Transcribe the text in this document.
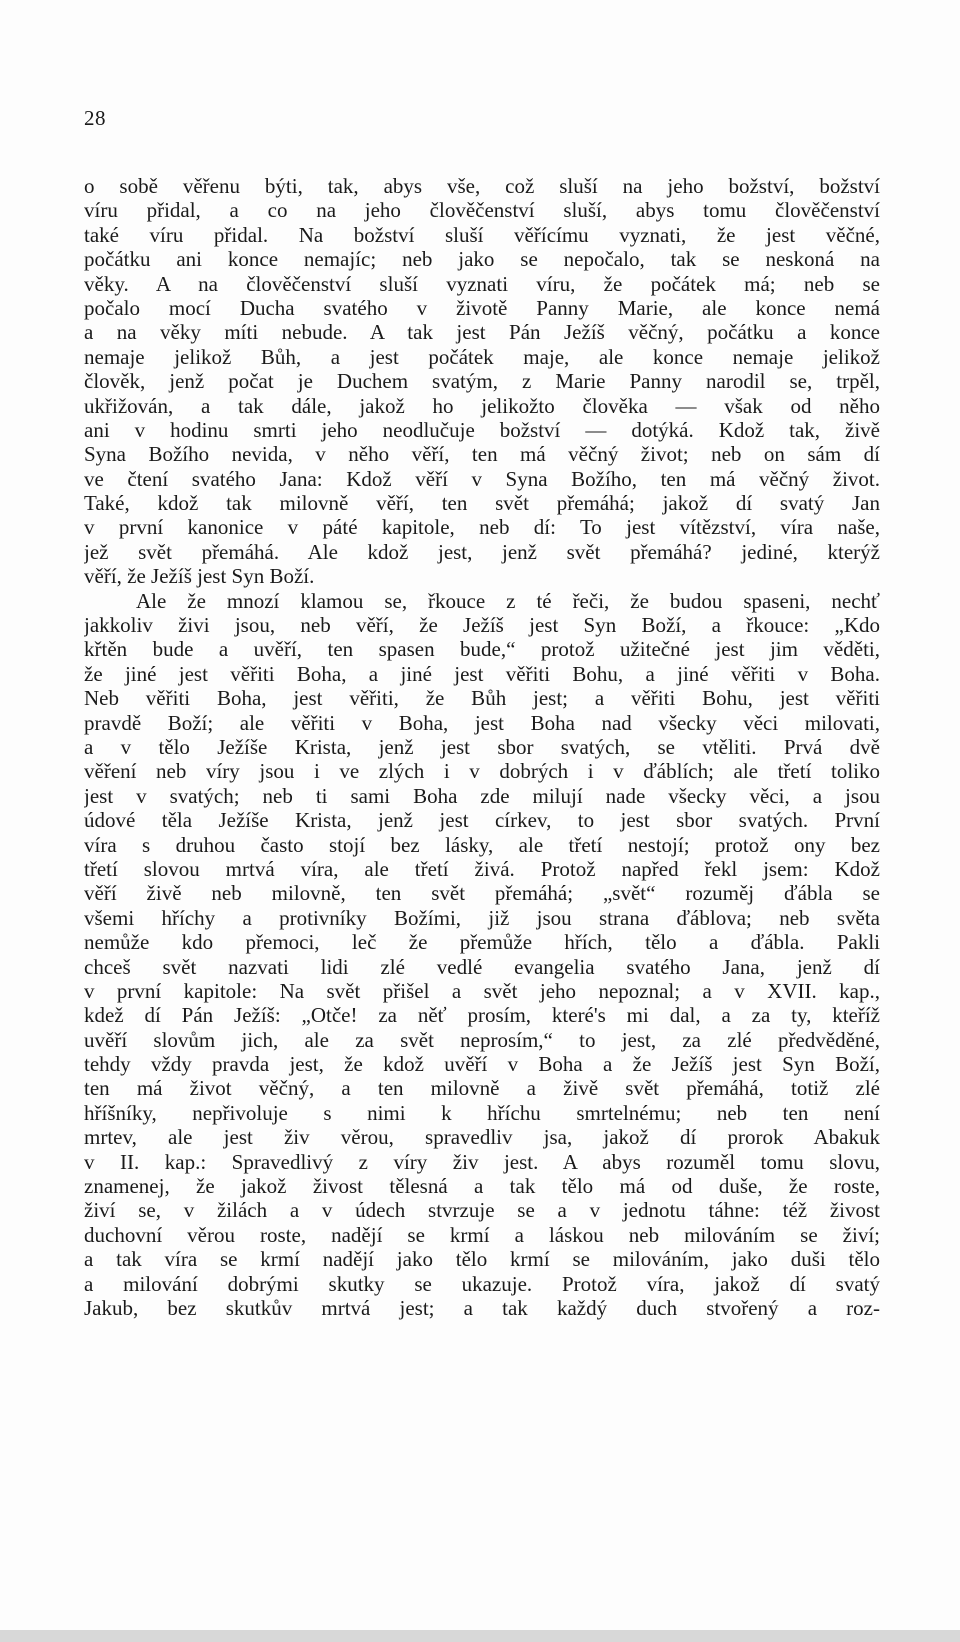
28
o sobě věřenu býti, tak, abys vše, což sluší na jeho božství, božství
víru přidal, a co na jeho člověčenství sluší, abys tomu člověčenství
také víru přidal. Na božství sluší věřícímu vyznati, že jest věčné,
počátku ani konce nemajíc; neb jako se nepočalo, tak se neskoná na
věky. A na člověčenství sluší vyznati víru, že počátek má; neb se
počalo mocí Ducha svatého v životě Panny Marie, ale konce nemá
a na věky míti nebude. A tak jest Pán Ježíš věčný, počátku a konce
nemaje jelikož Bůh, a jest počátek maje, ale konce nemaje jelikož
člověk, jenž počat je Duchem svatým, z Marie Panny narodil se, trpěl,
ukřižován, a tak dále, jakož ho jelikožto člověka — však od něho
ani v hodinu smrti jeho neodlučuje božství — dotýká. Kdož tak, živě
Syna Božího nevida, v něho věří, ten má věčný život; neb on sám dí
ve čtení svatého Jana: Kdož věří v Syna Božího, ten má věčný život.
Také, kdož tak milovně věří, ten svět přemáhá; jakož dí svatý Jan
v první kanonice v páté kapitole, neb dí: To jest vítězství, víra naše,
jež svět přemáhá. Ale kdož jest, jenž svět přemáhá? jediné, kterýž
věří, že Ježíš jest Syn Boží.
Ale že mnozí klamou se, řkouce z té řeči, že budou spaseni, nechť
jakkoliv živi jsou, neb věří, že Ježíš jest Syn Boží, a řkouce: „Kdo
křtěn bude a uvěří, ten spasen bude,“ protož užitečné jest jim věděti,
že jiné jest věřiti Boha, a jiné jest věřiti Bohu, a jiné věřiti v Boha.
Neb věřiti Boha, jest věřiti, že Bůh jest; a věřiti Bohu, jest věřiti
pravdě Boží; ale věřiti v Boha, jest Boha nad všecky věci milovati,
a v tělo Ježíše Krista, jenž jest sbor svatých, se vtěliti. Prvá dvě
věření neb víry jsou i ve zlých i v dobrých i v ďáblích; ale třetí toliko
jest v svatých; neb ti sami Boha zde milují nade všecky věci, a jsou
údové těla Ježíše Krista, jenž jest církev, to jest sbor svatých. První
víra s druhou často stojí bez lásky, ale třetí nestojí; protož ony bez
třetí slovou mrtvá víra, ale třetí živá. Protož napřed řekl jsem: Kdož
věří živě neb milovně, ten svět přemáhá; „svět“ rozuměj ďábla se
všemi hříchy a protivníky Božími, již jsou strana ďáblova; neb světa
nemůže kdo přemoci, leč že přemůže hřích, tělo a ďábla. Pakli
chceš svět nazvati lidi zlé vedlé evangelia svatého Jana, jenž dí
v první kapitole: Na svět přišel a svět jeho nepoznal; a v XVII. kap.,
kdež dí Pán Ježíš: „Otče! za něť prosím, které's mi dal, a za ty, kteříž
uvěří slovům jich, ale za svět neprosím,“ to jest, za zlé předvěděné,
tehdy vždy pravda jest, že kdož uvěří v Boha a že Ježíš jest Syn Boží,
ten má život věčný, a ten milovně a živě svět přemáhá, totiž zlé
hříšníky, nepřivoluje s nimi k hříchu smrtelnému; neb ten není
mrtev, ale jest živ věrou, spravedliv jsa, jakož dí prorok Abakuk
v II. kap.: Spravedlivý z víry živ jest. A abys rozuměl tomu slovu,
znamenej, že jakož živost tělesná a tak tělo má od duše, že roste,
živí se, v žilách a v údech stvrzuje se a v jednotu táhne: též živost
duchovní věrou roste, nadějí se krmí a láskou neb milováním se živí;
a tak víra se krmí nadějí jako tělo krmí se milováním, jako duši tělo
a milování dobrými skutky se ukazuje. Protož víra, jakož dí svatý
Jakub, bez skutkův mrtvá jest; a tak každý duch stvořený a roz-
